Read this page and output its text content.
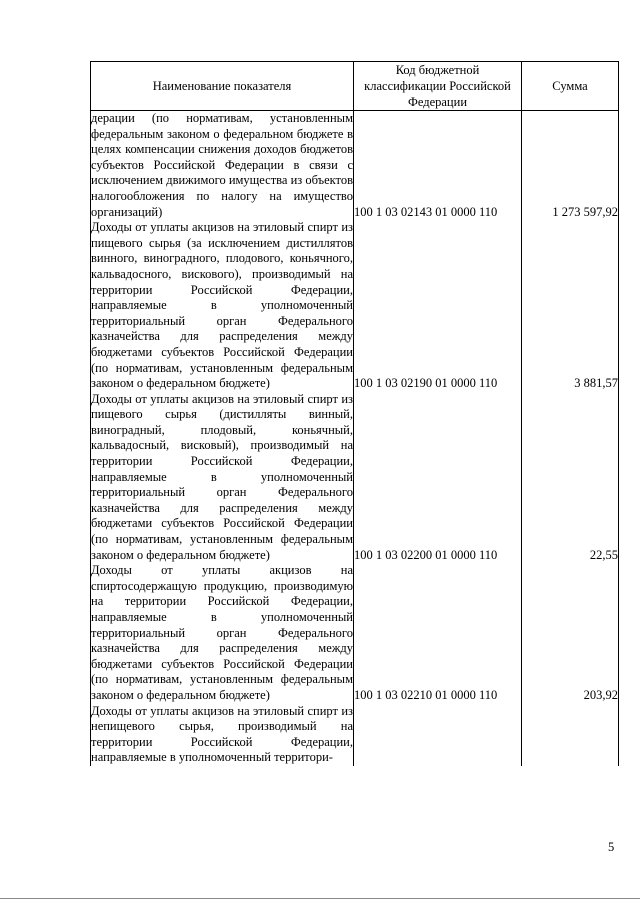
Наименование показателя	Код бюджетной классификации Российской Федерации	Сумма
дерации (по нормативам, установленным федеральным законом о федеральном бюджете в целях компенсации снижения доходов бюджетов субъектов Российской Федерации в связи с исключением движимого имущества из объектов налогообложения по налогу на имущество организаций)	100 1 03 02143 01 0000 110	1 273 597,92
Доходы от уплаты акцизов на этиловый спирт из пищевого сырья (за исключением дистиллятов винного, виноградного, плодового, коньячного, кальвадосного, вискового), производимый на территории Российской Федерации, направляемые в уполномоченный территориальный орган Федерального казначейства для распределения между бюджетами субъектов Российской Федерации (по нормативам, установленным федеральным законом о федеральном бюджете)	100 1 03 02190 01 0000 110	3 881,57
Доходы от уплаты акцизов на этиловый спирт из пищевого сырья (дистилляты винный, виноградный, плодовый, коньячный, кальвадосный, висковый), производимый на территории Российской Федерации, направляемые в уполномоченный территориальный орган Федерального казначейства для распределения между бюджетами субъектов Российской Федерации (по нормативам, установленным федеральным законом о федеральном бюджете)	100 1 03 02200 01 0000 110	22,55
Доходы от уплаты акцизов на спиртосодержащую продукцию, производимую на территории Российской Федерации, направляемые в уполномоченный территориальный орган Федерального казначейства для распределения между бюджетами субъектов Российской Федерации (по нормативам, установленным федеральным законом о федеральном бюджете)	100 1 03 02210 01 0000 110	203,92
Доходы от уплаты акцизов на этиловый спирт из непищевого сырья, производимый на территории Российской Федерации, направляемые в уполномоченный территори-		
5
